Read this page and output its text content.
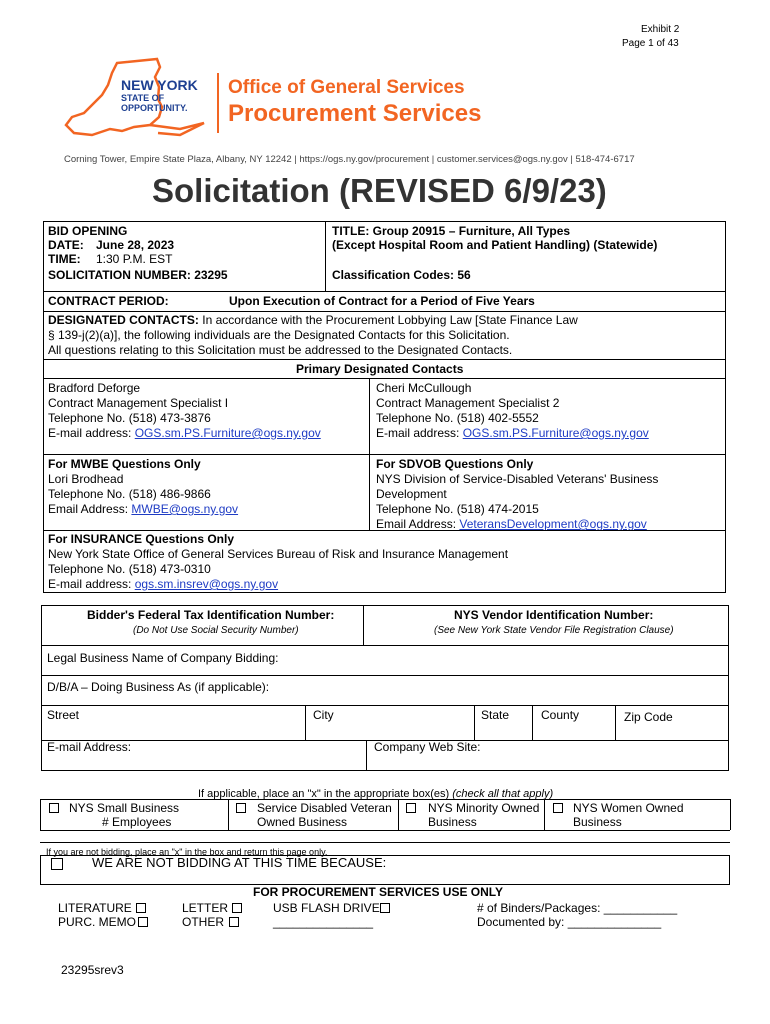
Exhibit 2
Page 1 of 43
NEW YORK
STATE OF
OPPORTUNITY.
Office of General Services
Procurement Services
Corning Tower, Empire State Plaza, Albany, NY 12242 | https://ogs.ny.gov/procurement | customer.services@ogs.ny.gov | 518-474-6717
Solicitation (REVISED 6/9/23)
BID OPENING
DATE: June 28, 2023
TIME: 1:30 P.M. EST
SOLICITATION NUMBER: 23295
TITLE: Group 20915 – Furniture, All Types
(Except Hospital Room and Patient Handling) (Statewide)
Classification Codes: 56
CONTRACT PERIOD:	Upon Execution of Contract for a Period of Five Years
DESIGNATED CONTACTS: In accordance with the Procurement Lobbying Law [State Finance Law
§ 139-j(2)(a)], the following individuals are the Designated Contacts for this Solicitation.
All questions relating to this Solicitation must be addressed to the Designated Contacts.
Primary Designated Contacts
Bradford Deforge
Contract Management Specialist I
Telephone No. (518) 473-3876
E-mail address: OGS.sm.PS.Furniture@ogs.ny.gov
Cheri McCullough
Contract Management Specialist 2
Telephone No. (518) 402-5552
E-mail address: OGS.sm.PS.Furniture@ogs.ny.gov
For MWBE Questions Only
Lori Brodhead
Telephone No. (518) 486-9866
Email Address: MWBE@ogs.ny.gov
For SDVOB Questions Only
NYS Division of Service-Disabled Veterans' Business
Development
Telephone No. (518) 474-2015
Email Address: VeteransDevelopment@ogs.ny.gov
For INSURANCE Questions Only
New York State Office of General Services Bureau of Risk and Insurance Management
Telephone No. (518) 473-0310
E-mail address: ogs.sm.insrev@ogs.ny.gov
Bidder's Federal Tax Identification Number:
(Do Not Use Social Security Number)
NYS Vendor Identification Number:
(See New York State Vendor File Registration Clause)
Legal Business Name of Company Bidding:
D/B/A – Doing Business As (if applicable):
Street	City	State	County	Zip Code
E-mail Address:	Company Web Site:
If applicable, place an "x" in the appropriate box(es) (check all that apply)
NYS Small Business
# Employees
Service Disabled Veteran
Owned Business
NYS Minority Owned
Business
NYS Women Owned
Business
If you are not bidding, place an "x" in the box and return this page only.
WE ARE NOT BIDDING AT THIS TIME BECAUSE:
FOR PROCUREMENT SERVICES USE ONLY
LITERATURE
PURC. MEMO
LETTER
OTHER
USB FLASH DRIVE
_______________
# of Binders/Packages: ___________
Documented by: ______________
23295srev3
